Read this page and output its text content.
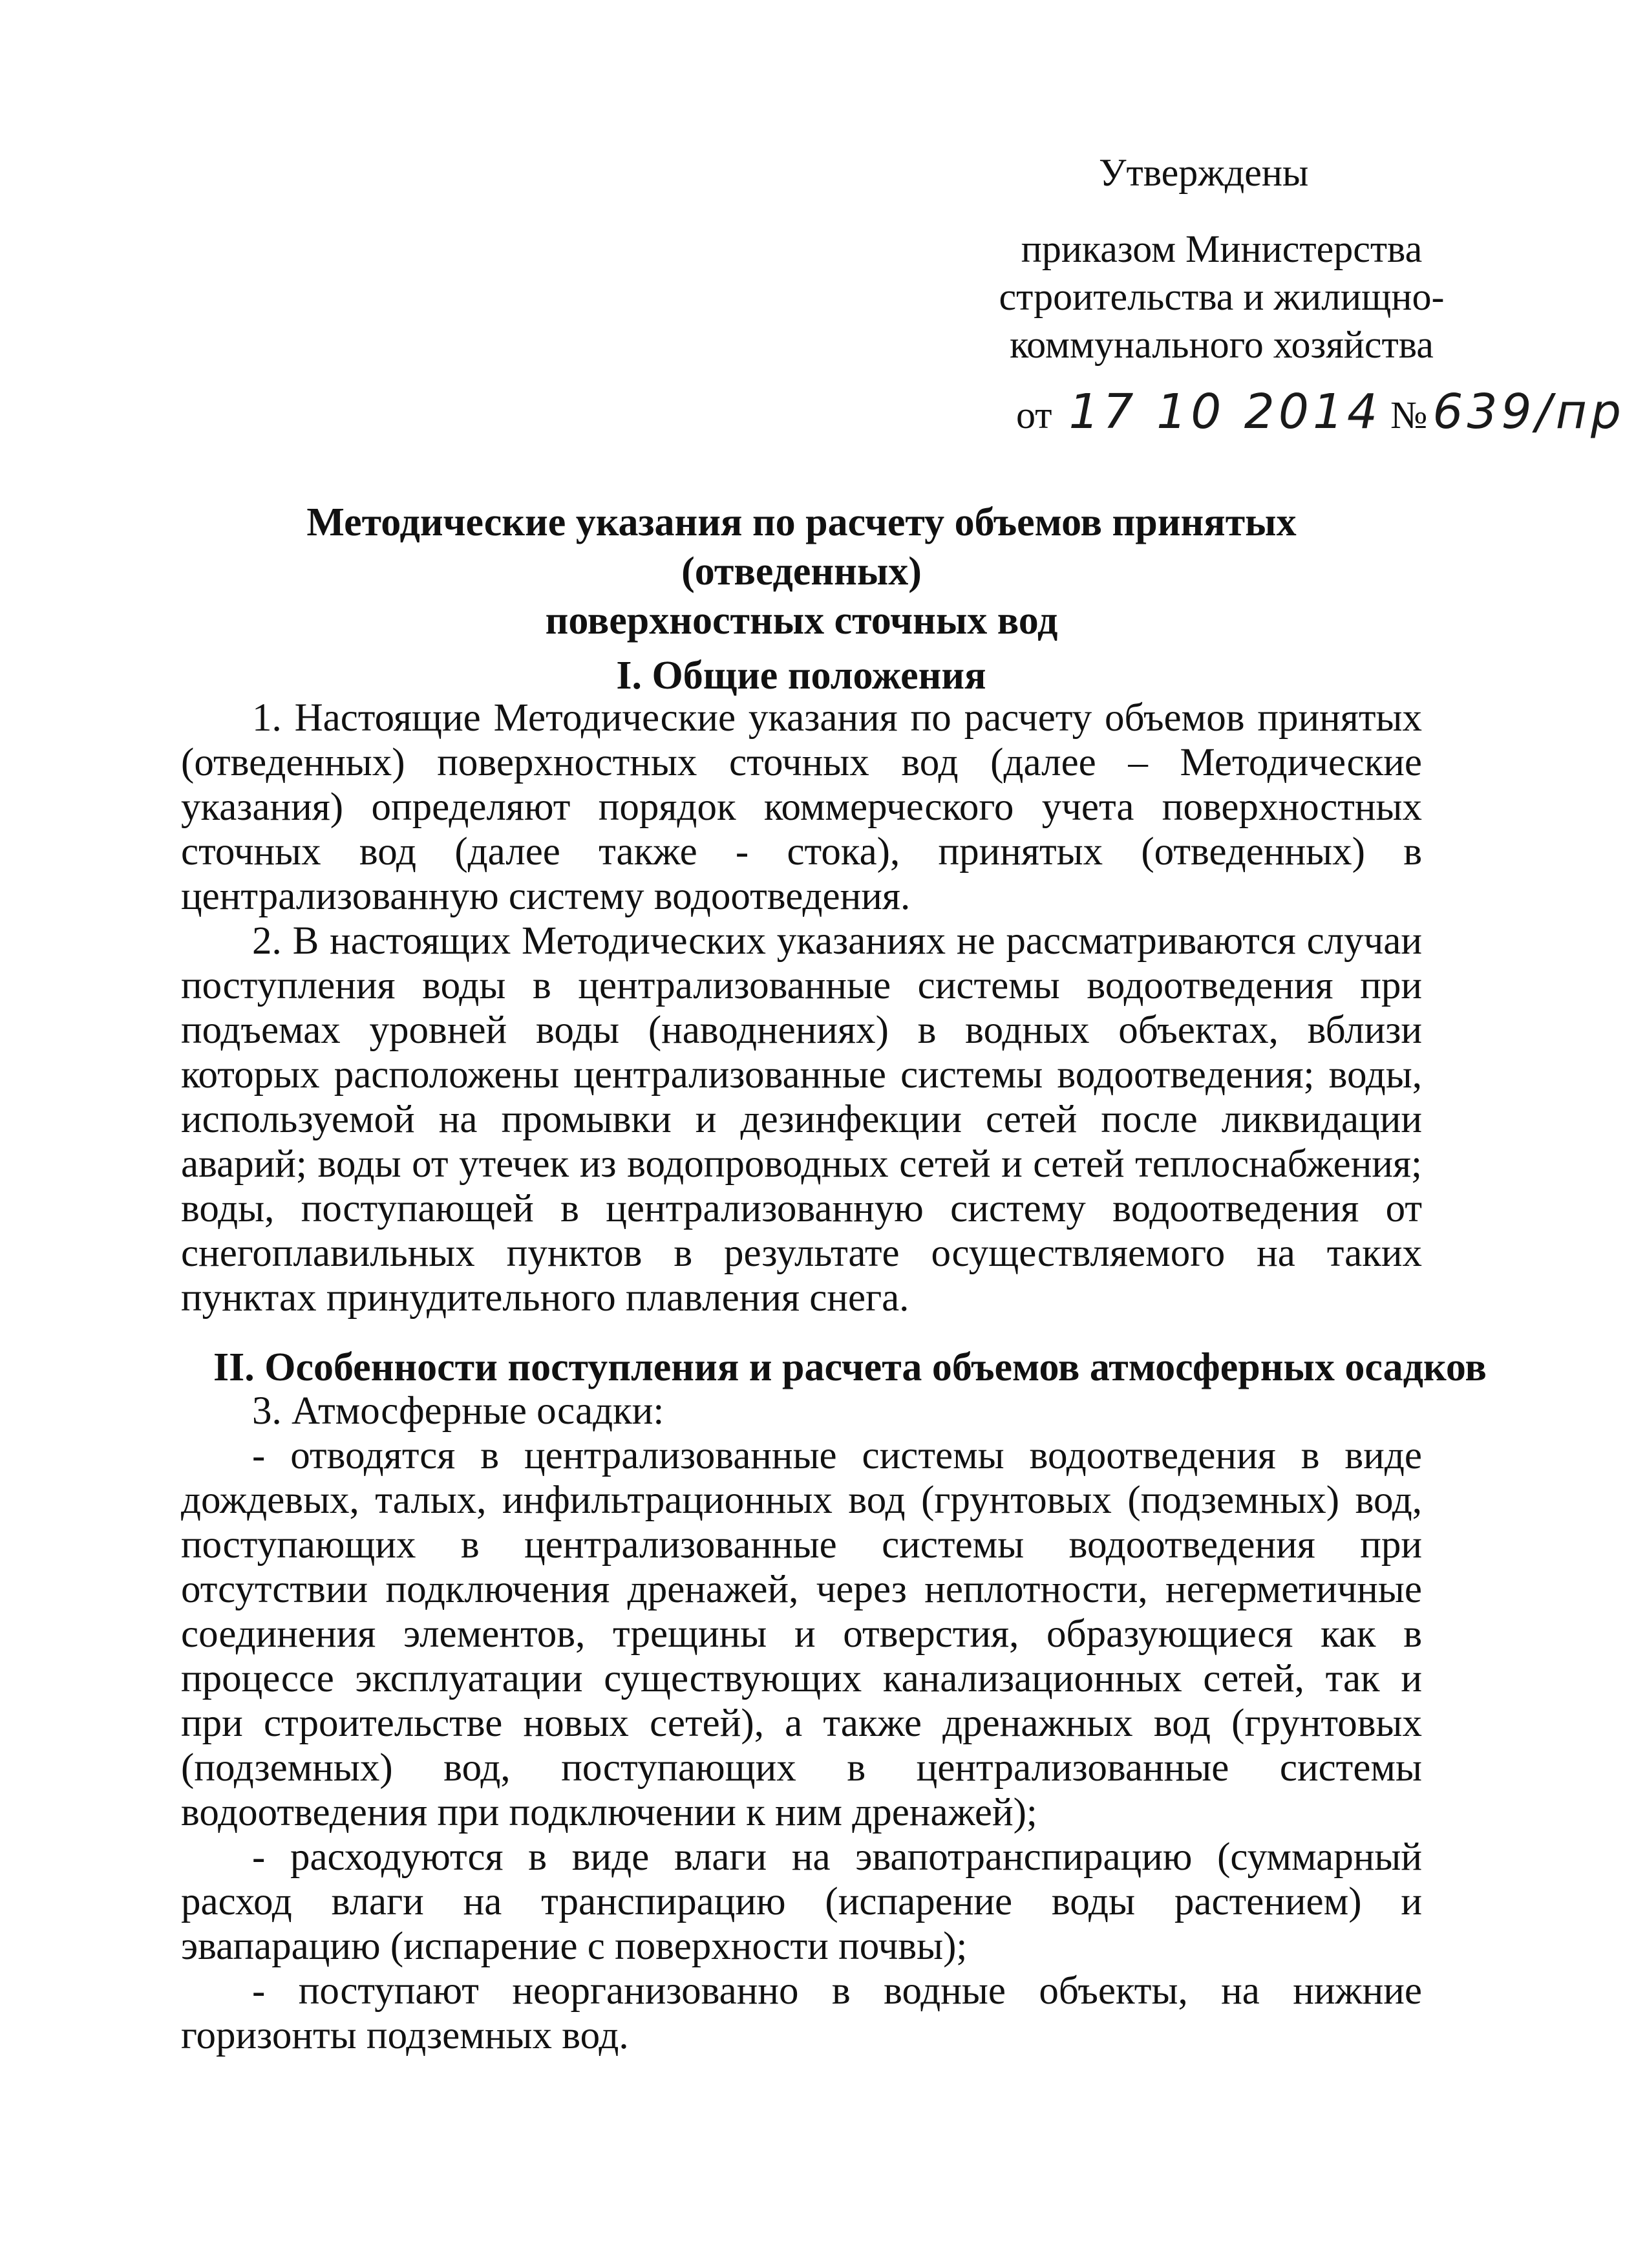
Утверждены
приказом Министерства
строительства и жилищно-
коммунального хозяйства
от 17 10 2014 № 639/пр
Методические указания по расчету объемов принятых (отведенных)
поверхностных сточных вод
I. Общие положения

1. Настоящие Методические указания по расчету объемов принятых (отведенных) поверхностных сточных вод (далее – Методические указания) определяют порядок коммерческого учета поверхностных сточных вод (далее также - стока), принятых (отведенных) в централизованную систему водоотведения.

2. В настоящих Методических указаниях не рассматриваются случаи поступления воды в централизованные системы водоотведения при подъемах уровней воды (наводнениях) в водных объектах, вблизи которых расположены централизованные системы водоотведения; воды, используемой на промывки и дезинфекции сетей после ликвидации аварий; воды от утечек из водопроводных сетей и сетей теплоснабжения; воды, поступающей в централизованную систему водоотведения от снегоплавильных пунктов в результате осуществляемого на таких пунктах принудительного плавления снега.

II. Особенности поступления и расчета объемов атмосферных осадков

3. Атмосферные осадки:

- отводятся в централизованные системы водоотведения в виде дождевых, талых, инфильтрационных вод (грунтовых (подземных) вод, поступающих в централизованные системы водоотведения при отсутствии подключения дренажей, через неплотности, негерметичные соединения элементов, трещины и отверстия, образующиеся как в процессе эксплуатации существующих канализационных сетей, так и при строительстве новых сетей), а также дренажных вод (грунтовых (подземных) вод, поступающих в централизованные системы водоотведения при подключении к ним дренажей);

- расходуются в виде влаги на эвапотранспирацию (суммарный расход влаги на транспирацию (испарение воды растением) и эвапарацию (испарение с поверхности почвы);

- поступают неорганизованно в водные объекты, на нижние горизонты подземных вод.
